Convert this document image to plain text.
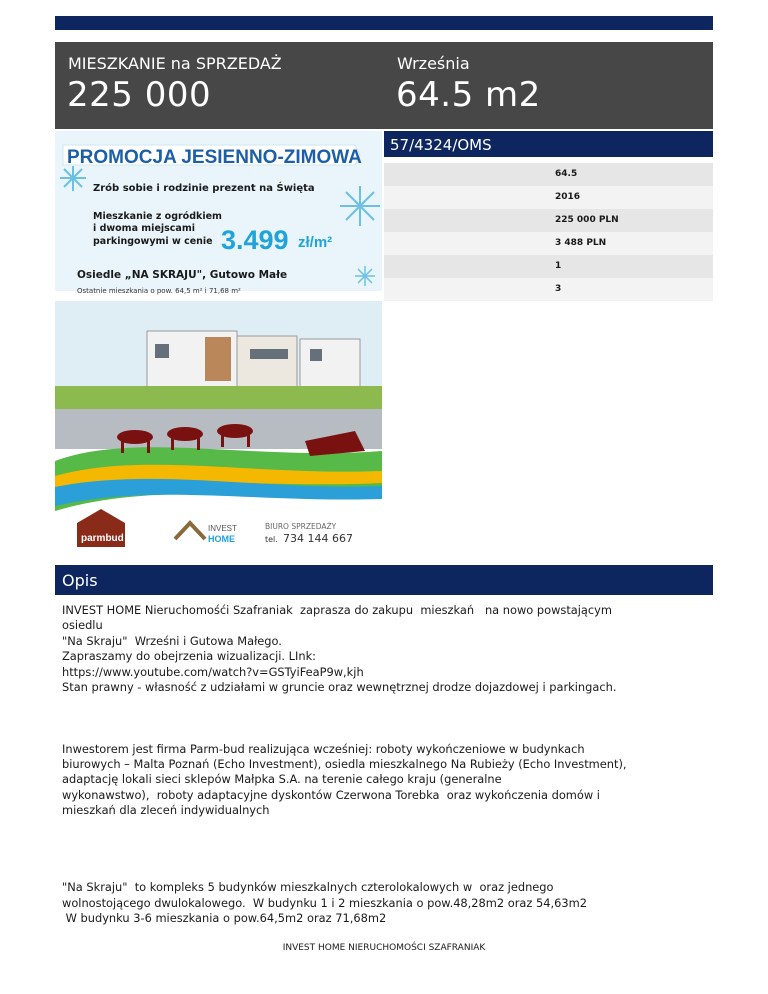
MIESZKANIE na SPRZEDAŻ
225 000
Września
64.5 m2
PROMOCJA JESIENNO-ZIMOWA
Zrób sobie i rodzinie prezent na Święta
Mieszkanie z ogródkiem
i dwoma miejscami
parkingowymi w cenie 3.499 zł/m²
Osiedle „NA SKRAJU", Gutowo Małe
Ostatnie mieszkania o pow. 64,5 m² i 71,68 m²
parmbud
INVEST
HOME
BIURO SPRZEDAŻY
tel. 734 144 667
57/4324/OMS
64.5
2016
225 000 PLN
3 488 PLN
1
3
Opis
INVEST HOME Nieruchomośći Szafraniak  zaprasza do zakupu  mieszkań   na nowo powstającym
osiedlu
"Na Skraju"  Wrześni i Gutowa Małego.
Zapraszamy do obejrzenia wizualizacji. LInk:
https://www.youtube.com/watch?v=GSTyiFeaP9w,kjh
Stan prawny - własność z udziałami w gruncie oraz wewnętrznej drodze dojazdowej i parkingach.

Inwestorem jest firma Parm-bud realizująca wcześniej: roboty wykończeniowe w budynkach
biurowych – Malta Poznań (Echo Investment), osiedla mieszkalnego Na Rubieży (Echo Investment),
adaptację lokali sieci sklepów Małpka S.A. na terenie całego kraju (generalne
wykonawstwo),  roboty adaptacyjne dyskontów Czerwona Torebka  oraz wykończenia domów i
mieszkań dla zleceń indywidualnych

"Na Skraju"  to kompleks 5 budynków mieszkalnych czterolokalowych w  oraz jednego
wolnostojącego dwulokalowego.  W budynku 1 i 2 mieszkania o pow.48,28m2 oraz 54,63m2
W budynku 3-6 mieszkania o pow.64,5m2 oraz 71,68m2
INVEST HOME NIERUCHOMOŚCI SZAFRANIAK
